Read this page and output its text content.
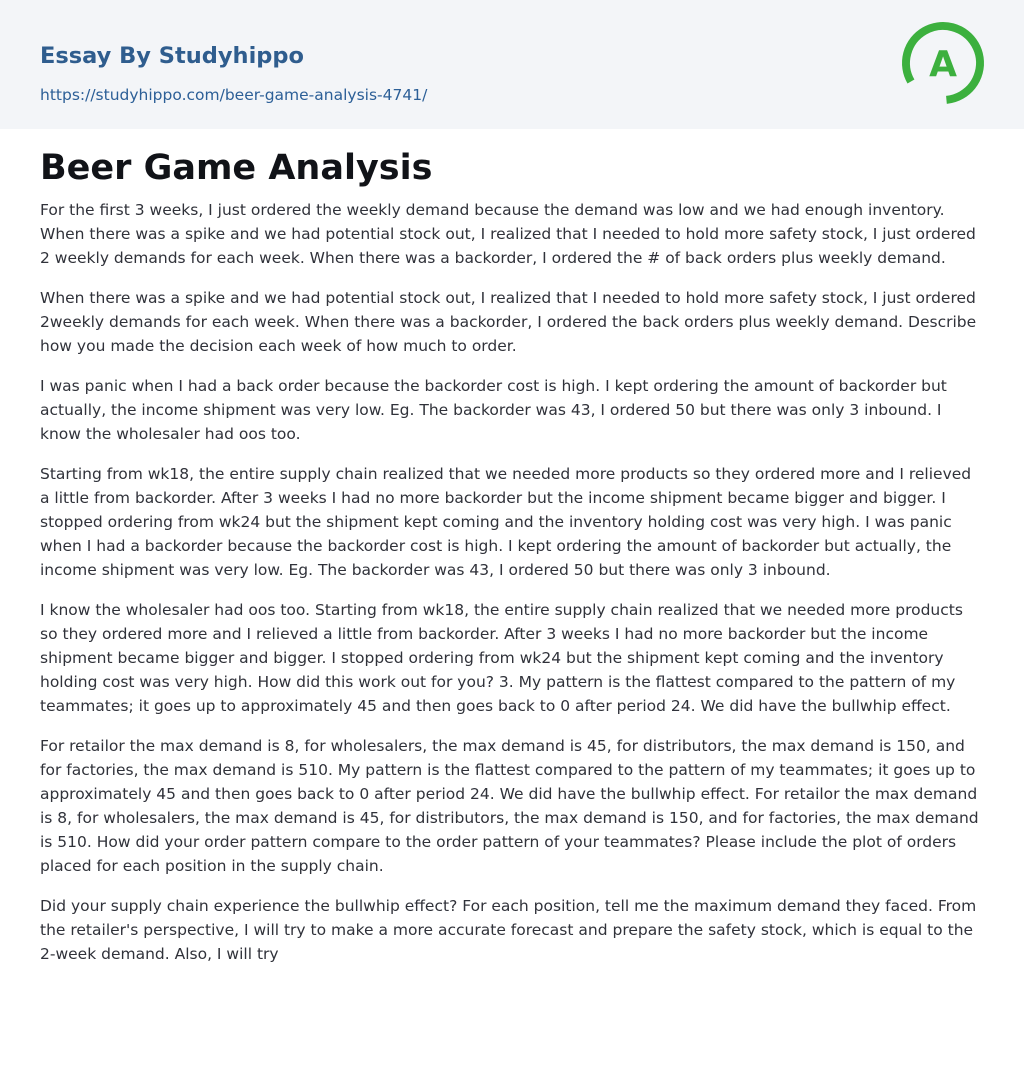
Essay By Studyhippo
https://studyhippo.com/beer-game-analysis-4741/
A
Beer Game Analysis

For the first 3 weeks, I just ordered the weekly demand because the demand was low and we had enough inventory. When there was a spike and we had potential stock out, I realized that I needed to hold more safety stock, I just ordered 2 weekly demands for each week. When there was a backorder, I ordered the # of back orders plus weekly demand.

When there was a spike and we had potential stock out, I realized that I needed to hold more safety stock, I just ordered 2weekly demands for each week. When there was a backorder, I ordered the back orders plus weekly demand. Describe how you made the decision each week of how much to order.

I was panic when I had a back order because the backorder cost is high. I kept ordering the amount of backorder but actually, the income shipment was very low. Eg. The backorder was 43, I ordered 50 but there was only 3 inbound. I know the wholesaler had oos too.

Starting from wk18, the entire supply chain realized that we needed more products so they ordered more and I relieved a little from backorder. After 3 weeks I had no more backorder but the income shipment became bigger and bigger. I stopped ordering from wk24 but the shipment kept coming and the inventory holding cost was very high. I was panic when I had a backorder because the backorder cost is high. I kept ordering the amount of backorder but actually, the income shipment was very low. Eg. The backorder was 43, I ordered 50 but there was only 3 inbound.

I know the wholesaler had oos too. Starting from wk18, the entire supply chain realized that we needed more products so they ordered more and I relieved a little from backorder. After 3 weeks I had no more backorder but the income shipment became bigger and bigger. I stopped ordering from wk24 but the shipment kept coming and the inventory holding cost was very high. How did this work out for you? 3. My pattern is the flattest compared to the pattern of my teammates; it goes up to approximately 45 and then goes back to 0 after period 24. We did have the bullwhip effect.

For retailor the max demand is 8, for wholesalers, the max demand is 45, for distributors, the max demand is 150, and for factories, the max demand is 510. My pattern is the flattest compared to the pattern of my teammates; it goes up to approximately 45 and then goes back to 0 after period 24. We did have the bullwhip effect. For retailor the max demand is 8, for wholesalers, the max demand is 45, for distributors, the max demand is 150, and for factories, the max demand is 510. How did your order pattern compare to the order pattern of your teammates? Please include the plot of orders placed for each position in the supply chain.

Did your supply chain experience the bullwhip effect? For each position, tell me the maximum demand they faced. From the retailer's perspective, I will try to make a more accurate forecast and prepare the safety stock, which is equal to the 2-week demand. Also, I will try
